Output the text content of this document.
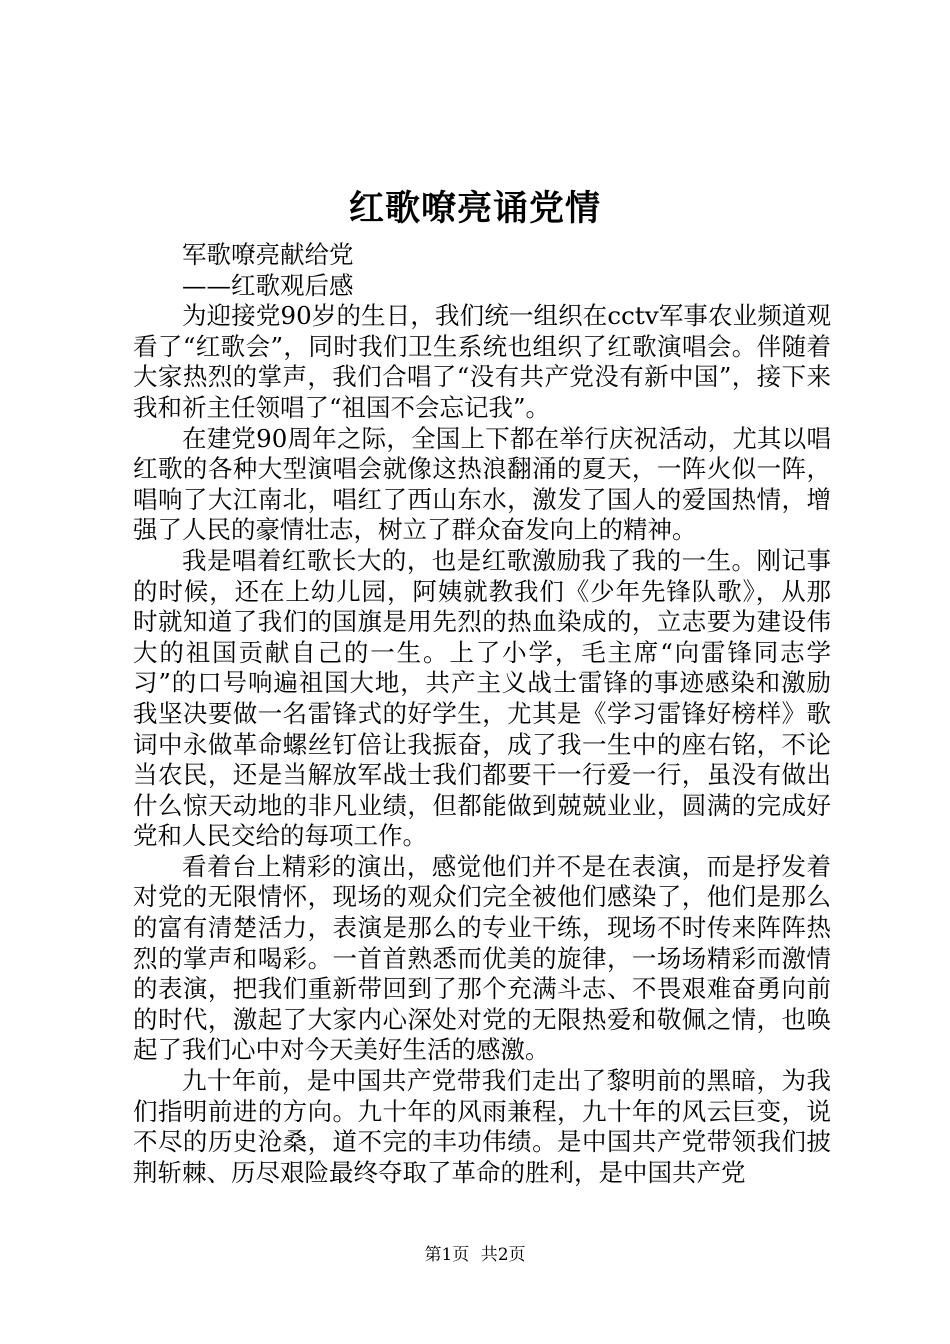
红歌嘹亮诵党情

军歌嘹亮献给党

——红歌观后感

为迎接党90岁的生日，我们统一组织在cctv军事农业频道观看了“红歌会”，同时我们卫生系统也组织了红歌演唱会。伴随着大家热烈的掌声，我们合唱了“没有共产党没有新中国”，接下来我和祈主任领唱了“祖国不会忘记我”。

在建党90周年之际，全国上下都在举行庆祝活动，尤其以唱红歌的各种大型演唱会就像这热浪翻涌的夏天，一阵火似一阵，唱响了大江南北，唱红了西山东水，激发了国人的爱国热情，增强了人民的豪情壮志，树立了群众奋发向上的精神。

我是唱着红歌长大的，也是红歌激励我了我的一生。刚记事的时候，还在上幼儿园，阿姨就教我们《少年先锋队歌》，从那时就知道了我们的国旗是用先烈的热血染成的，立志要为建设伟大的祖国贡献自己的一生。上了小学，毛主席“向雷锋同志学习”的口号响遍祖国大地，共产主义战士雷锋的事迹感染和激励我坚决要做一名雷锋式的好学生，尤其是《学习雷锋好榜样》歌词中永做革命螺丝钉倍让我振奋，成了我一生中的座右铭，不论当农民，还是当解放军战士我们都要干一行爱一行，虽没有做出什么惊天动地的非凡业绩，但都能做到兢兢业业，圆满的完成好党和人民交给的每项工作。

看着台上精彩的演出，感觉他们并不是在表演，而是抒发着对党的无限情怀，现场的观众们完全被他们感染了，他们是那么的富有清楚活力，表演是那么的专业干练，现场不时传来阵阵热烈的掌声和喝彩。一首首熟悉而优美的旋律，一场场精彩而激情的表演，把我们重新带回到了那个充满斗志、不畏艰难奋勇向前的时代，激起了大家内心深处对党的无限热爱和敬佩之情，也唤起了我们心中对今天美好生活的感激。

九十年前，是中国共产党带我们走出了黎明前的黑暗，为我们指明前进的方向。九十年的风雨兼程，九十年的风云巨变，说不尽的历史沧桑，道不完的丰功伟绩。是中国共产党带领我们披荆斩棘、历尽艰险最终夺取了革命的胜利，是中国共产党

第1页 共2页
